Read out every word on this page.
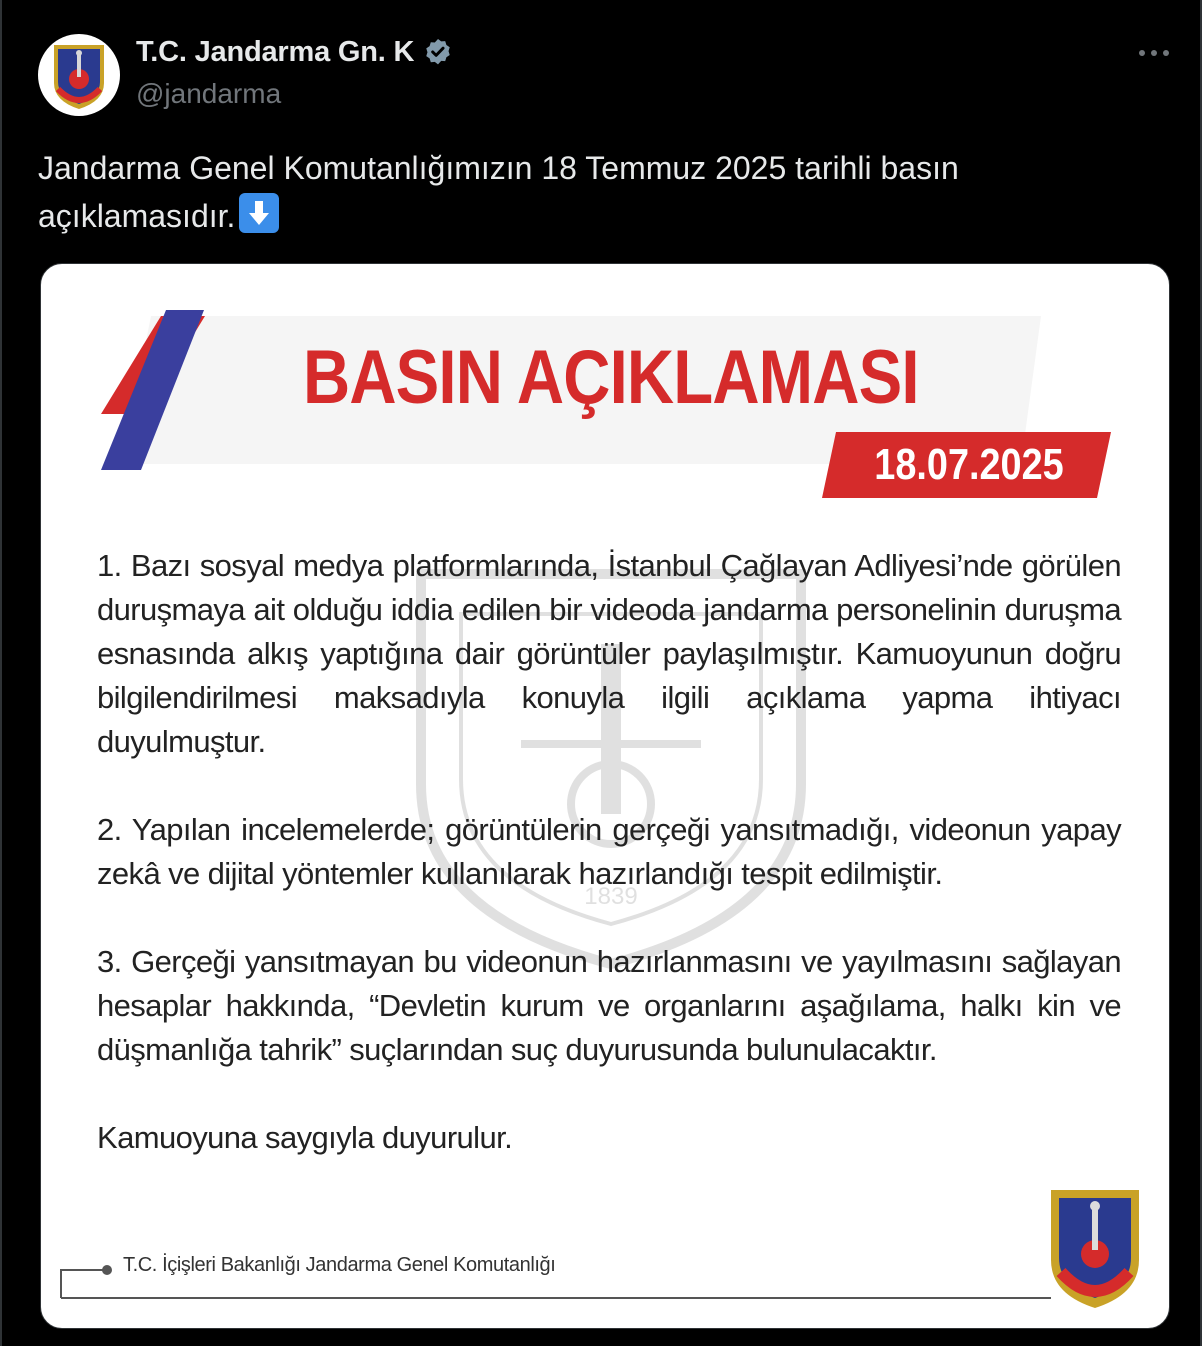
T.C. Jandarma Gn. K
@jandarma
Jandarma Genel Komutanlığımızın 18 Temmuz 2025 tarihli basın açıklamasıdır.
BASIN AÇIKLAMASI
18.07.2025
1839
1. Bazı sosyal medya platformlarında, İstanbul Çağlayan Adliyesi’nde görülen duruşmaya ait olduğu iddia edilen bir videoda jandarma personelinin duruşma esnasında alkış yaptığına dair görüntüler paylaşılmıştır. Kamuoyunun doğru bilgilendirilmesi maksadıyla konuyla ilgili açıklama yapma ihtiyacı duyulmuştur.
2. Yapılan incelemelerde; görüntülerin gerçeği yansıtmadığı, videonun yapay zekâ ve dijital yöntemler kullanılarak hazırlandığı tespit edilmiştir.
3. Gerçeği yansıtmayan bu videonun hazırlanmasını ve yayılmasını sağlayan hesaplar hakkında, “Devletin kurum ve organlarını aşağılama, halkı kin ve düşmanlığa tahrik” suçlarından suç duyurusunda bulunulacaktır.
Kamuoyuna saygıyla duyurulur.
T.C. İçişleri Bakanlığı Jandarma Genel Komutanlığı
